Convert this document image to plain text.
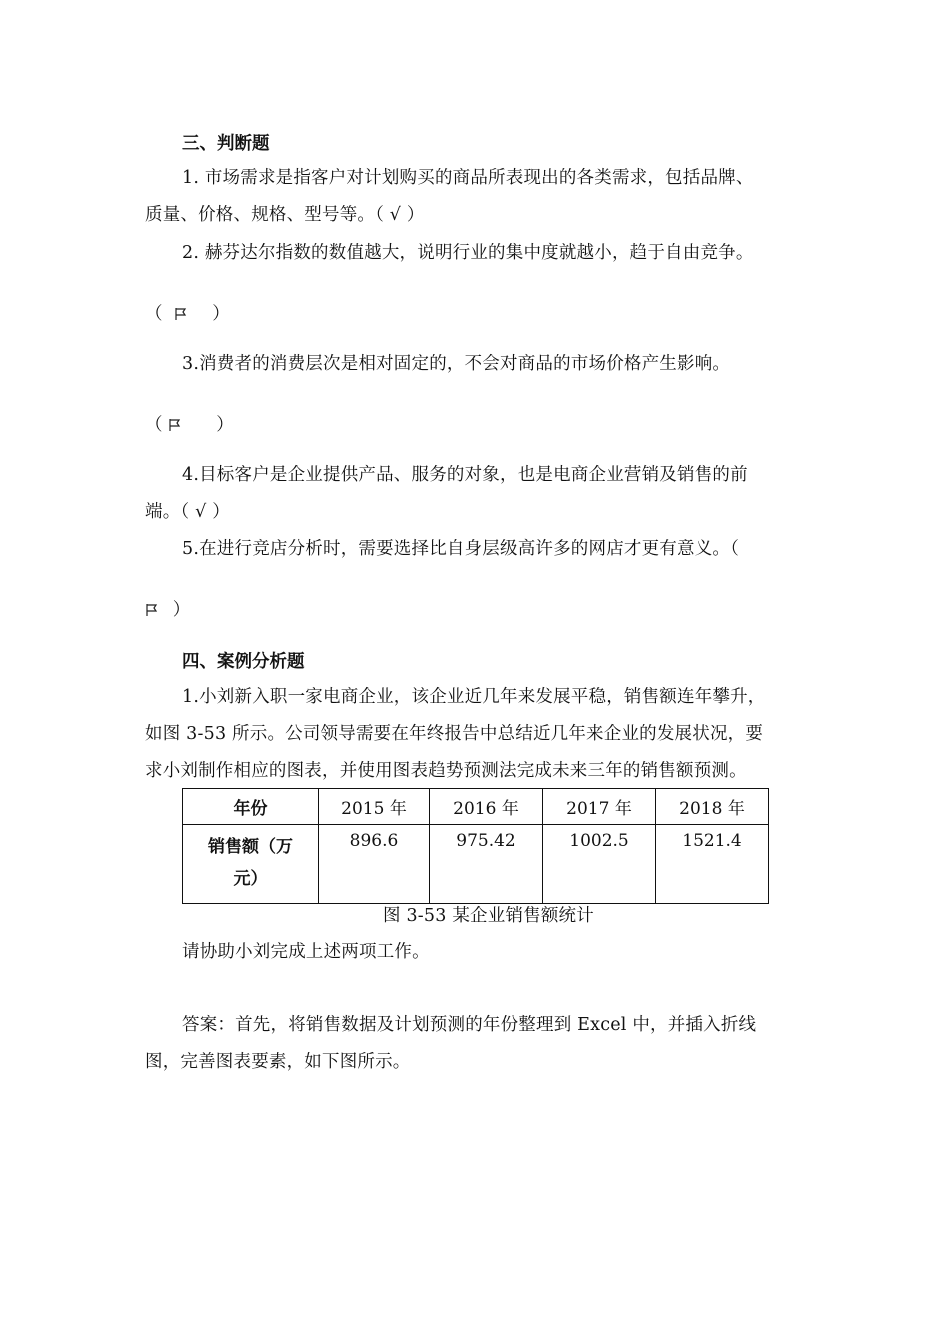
三、判断题
1. 市场需求是指客户对计划购买的商品所表现出的各类需求，包括品牌、
质量、价格、规格、型号等。（ √ ）
2. 赫芬达尔指数的数值越大，说明行业的集中度就越小，趋于自由竞争。
（	）
3.消费者的消费层次是相对固定的，不会对商品的市场价格产生影响。
（	）
4.目标客户是企业提供产品、服务的对象，也是电商企业营销及销售的前
端。（ √ ）
5.在进行竞店分析时，需要选择比自身层级高许多的网店才更有意义。（
）
四、案例分析题
1.小刘新入职一家电商企业，该企业近几年来发展平稳，销售额连年攀升，
如图 3-53 所示。公司领导需要在年终报告中总结近几年来企业的发展状况，要
求小刘制作相应的图表，并使用图表趋势预测法完成未来三年的销售额预测。
年份	2015 年	2016 年	2017 年	2018 年

销售额（万
元）	896.6	975.42	1002.5	1521.4
图 3-53 某企业销售额统计
请协助小刘完成上述两项工作。
答案：首先，将销售数据及计划预测的年份整理到 Excel 中，并插入折线
图，完善图表要素，如下图所示。
